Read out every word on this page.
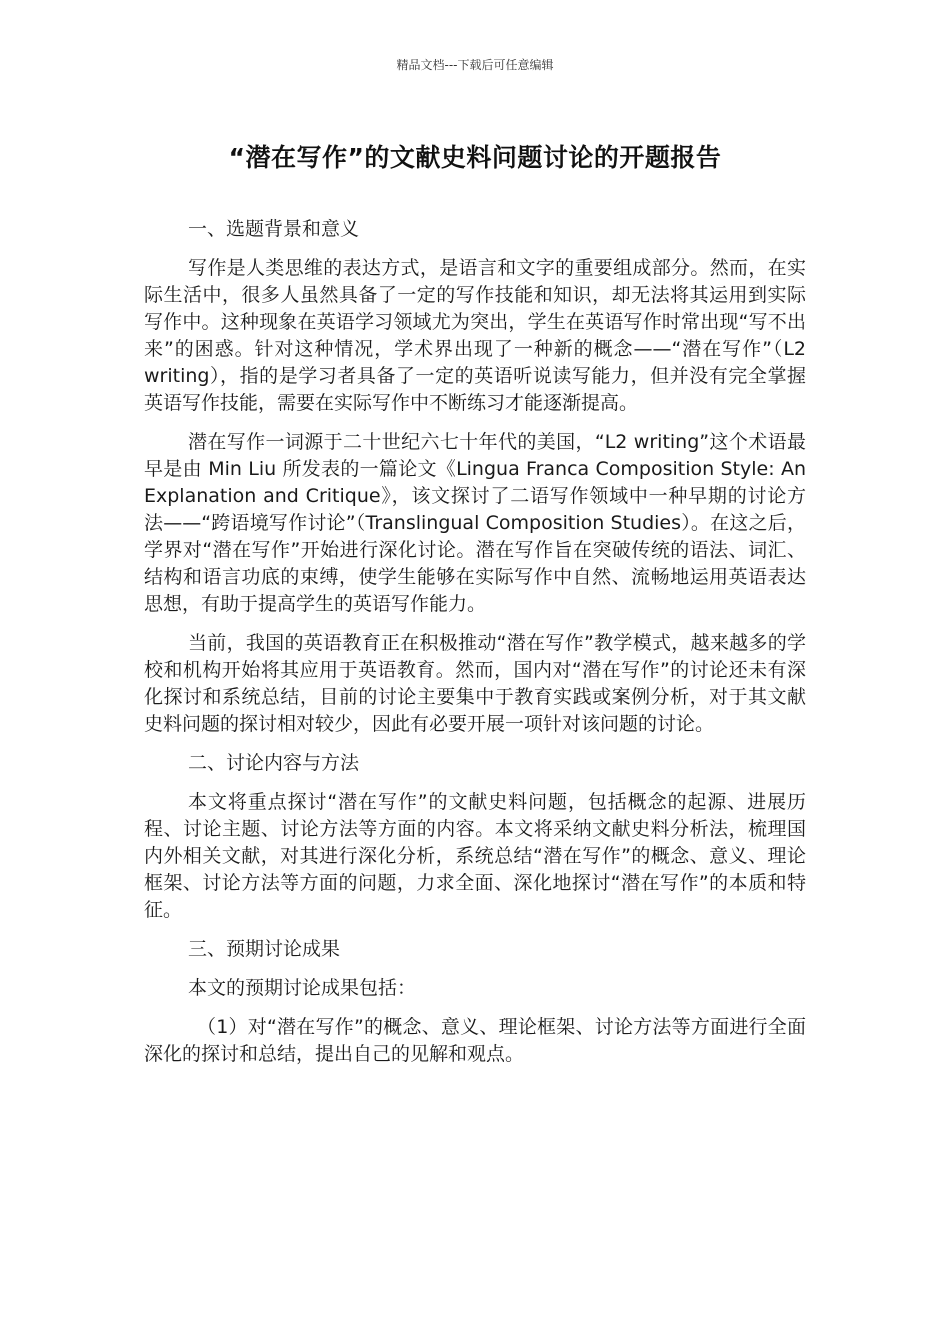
精品文档---下载后可任意编辑
“潜在写作”的文献史料问题讨论的开题报告

一、选题背景和意义

写作是人类思维的表达方式，是语言和文字的重要组成部分。然而，在实际生活中，很多人虽然具备了一定的写作技能和知识，却无法将其运用到实际写作中。这种现象在英语学习领域尤为突出，学生在英语写作时常出现“写不出来”的困惑。针对这种情况，学术界出现了一种新的概念——“潜在写作”（L2 writing），指的是学习者具备了一定的英语听说读写能力，但并没有完全掌握英语写作技能，需要在实际写作中不断练习才能逐渐提高。

潜在写作一词源于二十世纪六七十年代的美国，“L2 writing”这个术语最早是由 Min Liu 所发表的一篇论文《Lingua Franca Composition Style: An Explanation and Critique》，该文探讨了二语写作领域中一种早期的讨论方法——“跨语境写作讨论”（Translingual Composition Studies）。在这之后，学界对“潜在写作”开始进行深化讨论。潜在写作旨在突破传统的语法、词汇、结构和语言功底的束缚，使学生能够在实际写作中自然、流畅地运用英语表达思想，有助于提高学生的英语写作能力。

当前，我国的英语教育正在积极推动“潜在写作”教学模式，越来越多的学校和机构开始将其应用于英语教育。然而，国内对“潜在写作”的讨论还未有深化探讨和系统总结，目前的讨论主要集中于教育实践或案例分析，对于其文献史料问题的探讨相对较少，因此有必要开展一项针对该问题的讨论。

二、讨论内容与方法

本文将重点探讨“潜在写作”的文献史料问题，包括概念的起源、进展历程、讨论主题、讨论方法等方面的内容。本文将采纳文献史料分析法，梳理国内外相关文献，对其进行深化分析，系统总结“潜在写作”的概念、意义、理论框架、讨论方法等方面的问题，力求全面、深化地探讨“潜在写作”的本质和特征。

三、预期讨论成果

本文的预期讨论成果包括：

（1）对“潜在写作”的概念、意义、理论框架、讨论方法等方面进行全面深化的探讨和总结，提出自己的见解和观点。
